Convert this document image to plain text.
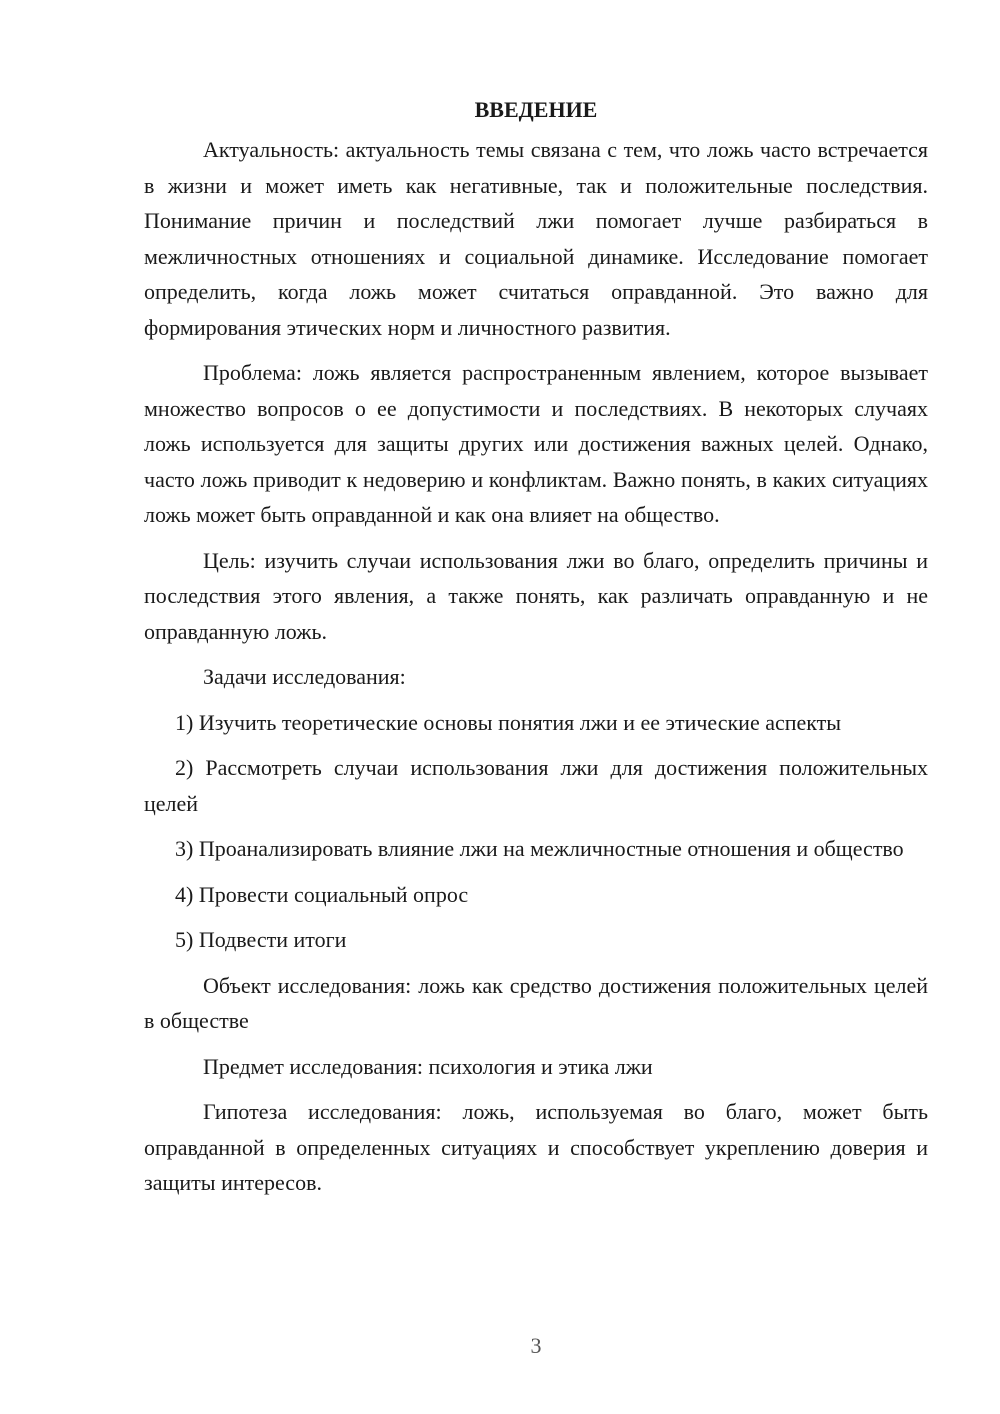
ВВЕДЕНИЕ

Актуальность: актуальность темы связана с тем, что ложь часто встречается в жизни и может иметь как негативные, так и положительные последствия. Понимание причин и последствий лжи помогает лучше разбираться в межличностных отношениях и социальной динамике. Исследование помогает определить, когда ложь может считаться оправданной. Это важно для формирования этических норм и личностного развития.

Проблема: ложь является распространенным явлением, которое вызывает множество вопросов о ее допустимости и последствиях. В некоторых случаях ложь используется для защиты других или достижения важных целей. Однако, часто ложь приводит к недоверию и конфликтам. Важно понять, в каких ситуациях ложь может быть оправданной и как она влияет на общество.

Цель: изучить случаи использования лжи во благо, определить причины и последствия этого явления, а также понять, как различать оправданную и не оправданную ложь.

Задачи исследования:

1) Изучить теоретические основы понятия лжи и ее этические аспекты

2) Рассмотреть случаи использования лжи для достижения положительных целей

3) Проанализировать влияние лжи на межличностные отношения и общество

4) Провести социальный опрос

5) Подвести итоги

Объект исследования: ложь как средство достижения положительных целей в обществе

Предмет исследования: психология и этика лжи

Гипотеза исследования: ложь, используемая во благо, может быть оправданной в определенных ситуациях и способствует укреплению доверия и защиты интересов.

3
